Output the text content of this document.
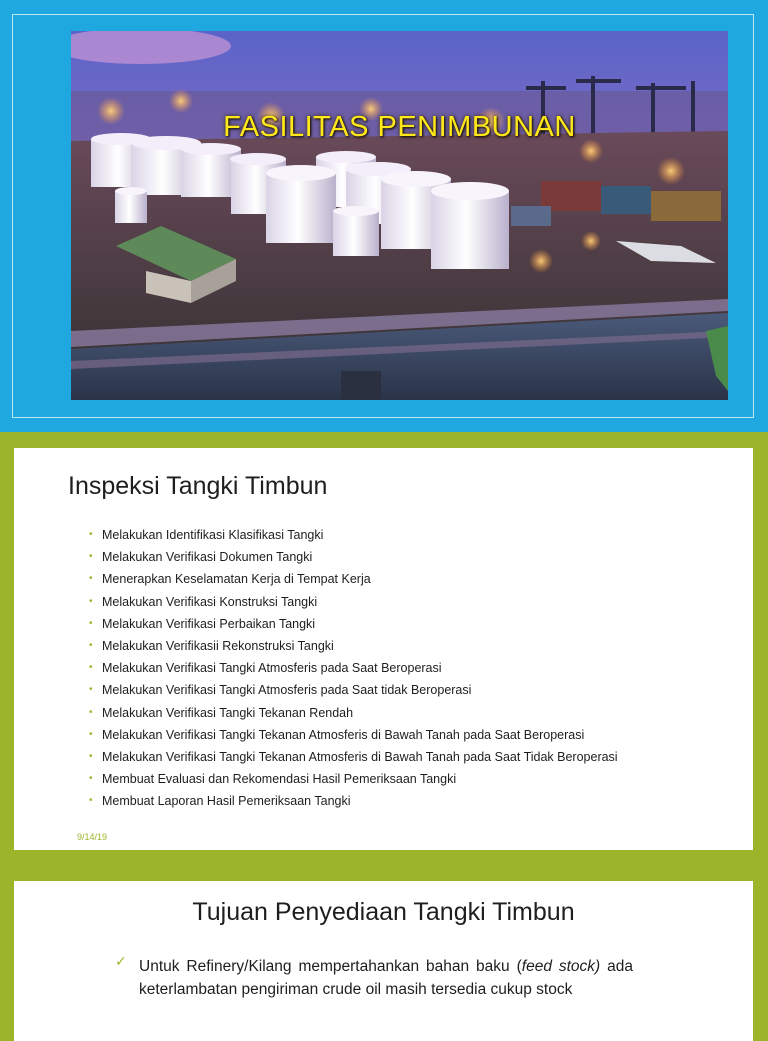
FASILITAS PENIMBUNAN
Inspeksi Tangki Timbun
• Melakukan Identifikasi Klasifikasi Tangki
• Melakukan Verifikasi Dokumen Tangki
• Menerapkan Keselamatan Kerja di Tempat Kerja
• Melakukan Verifikasi Konstruksi Tangki
• Melakukan Verifikasi Perbaikan Tangki
• Melakukan Verifikasii Rekonstruksi Tangki
• Melakukan Verifikasi Tangki Atmosferis pada Saat Beroperasi
• Melakukan Verifikasi Tangki Atmosferis pada Saat tidak Beroperasi
• Melakukan Verifikasi Tangki Tekanan Rendah
• Melakukan Verifikasi Tangki Tekanan Atmosferis di Bawah Tanah pada Saat Beroperasi
• Melakukan Verifikasi Tangki Tekanan Atmosferis di Bawah Tanah pada Saat Tidak Beroperasi
• Membuat Evaluasi dan Rekomendasi Hasil Pemeriksaan Tangki
• Membuat Laporan Hasil Pemeriksaan Tangki
9/14/19
Tujuan Penyediaan Tangki Timbun
✓ Untuk Refinery/Kilang mempertahankan bahan baku (feed stock) ada keterlambatan pengiriman crude oil masih tersedia cukup stock
